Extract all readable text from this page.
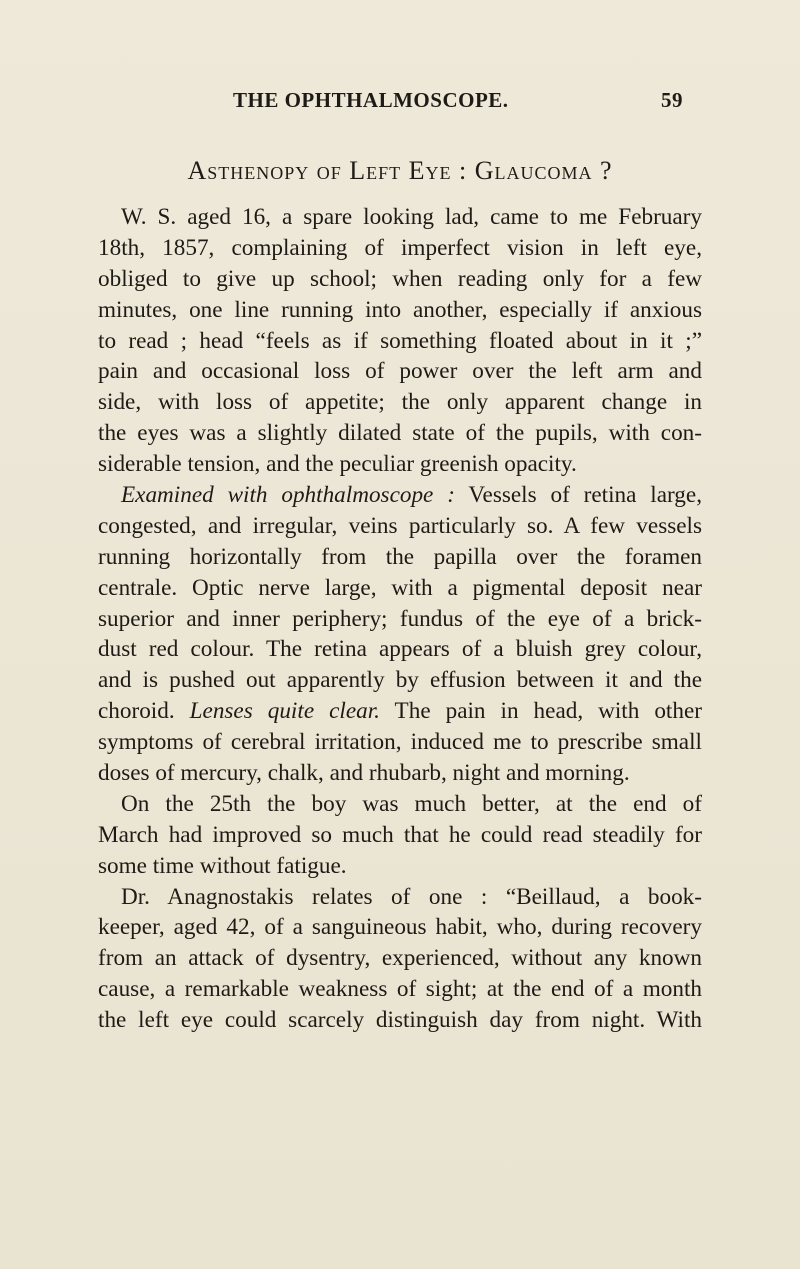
THE OPHTHALMOSCOPE.	59
Asthenopy of Left Eye : Glaucoma ?
W. S. aged 16, a spare looking lad, came to me February
18th, 1857, complaining of imperfect vision in left eye,
obliged to give up school; when reading only for a few
minutes, one line running into another, especially if anxious
to read ; head “feels as if something floated about in it ;”
pain and occasional loss of power over the left arm and
side, with loss of appetite; the only apparent change in
the eyes was a slightly dilated state of the pupils, with con-
siderable tension, and the peculiar greenish opacity.
Examined with ophthalmoscope : Vessels of retina large,
congested, and irregular, veins particularly so. A few vessels
running horizontally from the papilla over the foramen
centrale. Optic nerve large, with a pigmental deposit near
superior and inner periphery; fundus of the eye of a brick-
dust red colour. The retina appears of a bluish grey colour,
and is pushed out apparently by effusion between it and the
choroid. Lenses quite clear. The pain in head, with other
symptoms of cerebral irritation, induced me to prescribe small
doses of mercury, chalk, and rhubarb, night and morning.
On the 25th the boy was much better, at the end of
March had improved so much that he could read steadily for
some time without fatigue.
Dr. Anagnostakis relates of one : “Beillaud, a book-
keeper, aged 42, of a sanguineous habit, who, during recovery
from an attack of dysentry, experienced, without any known
cause, a remarkable weakness of sight; at the end of a month
the left eye could scarcely distinguish day from night. With
